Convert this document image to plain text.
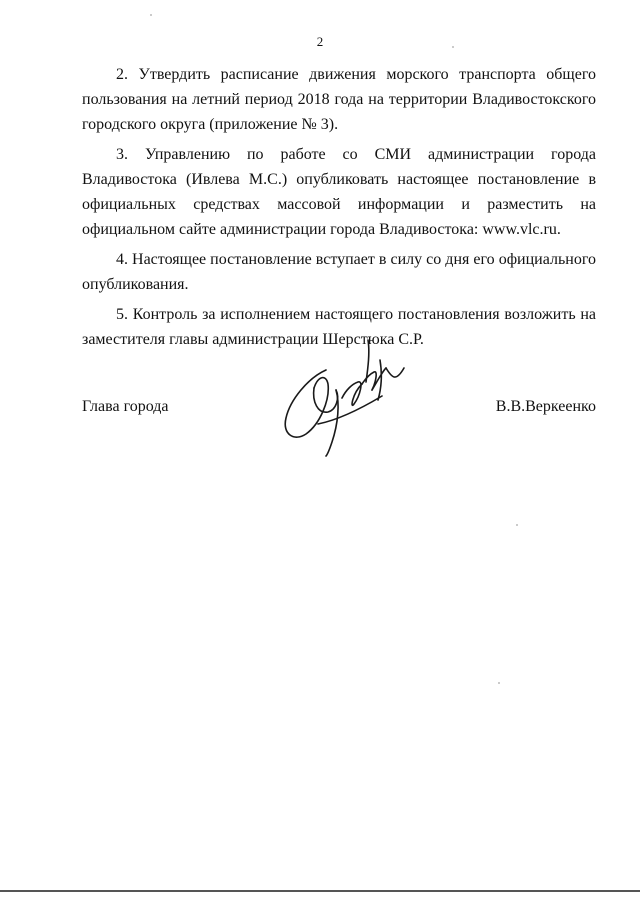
2

2. Утвердить расписание движения морского транспорта общего пользования на летний период 2018 года на территории Владивостокского городского округа (приложение № 3).

3. Управлению по работе со СМИ администрации города Владивостока (Ивлева М.С.) опубликовать настоящее постановление в официальных средствах массовой информации и разместить на официальном сайте администрации города Владивостока: www.vlc.ru.

4. Настоящее постановление вступает в силу со дня его официального опубликования.

5. Контроль за исполнением настоящего постановления возложить на заместителя главы администрации Шерстюка С.Р.

Глава города	В.В.Веркеенко
